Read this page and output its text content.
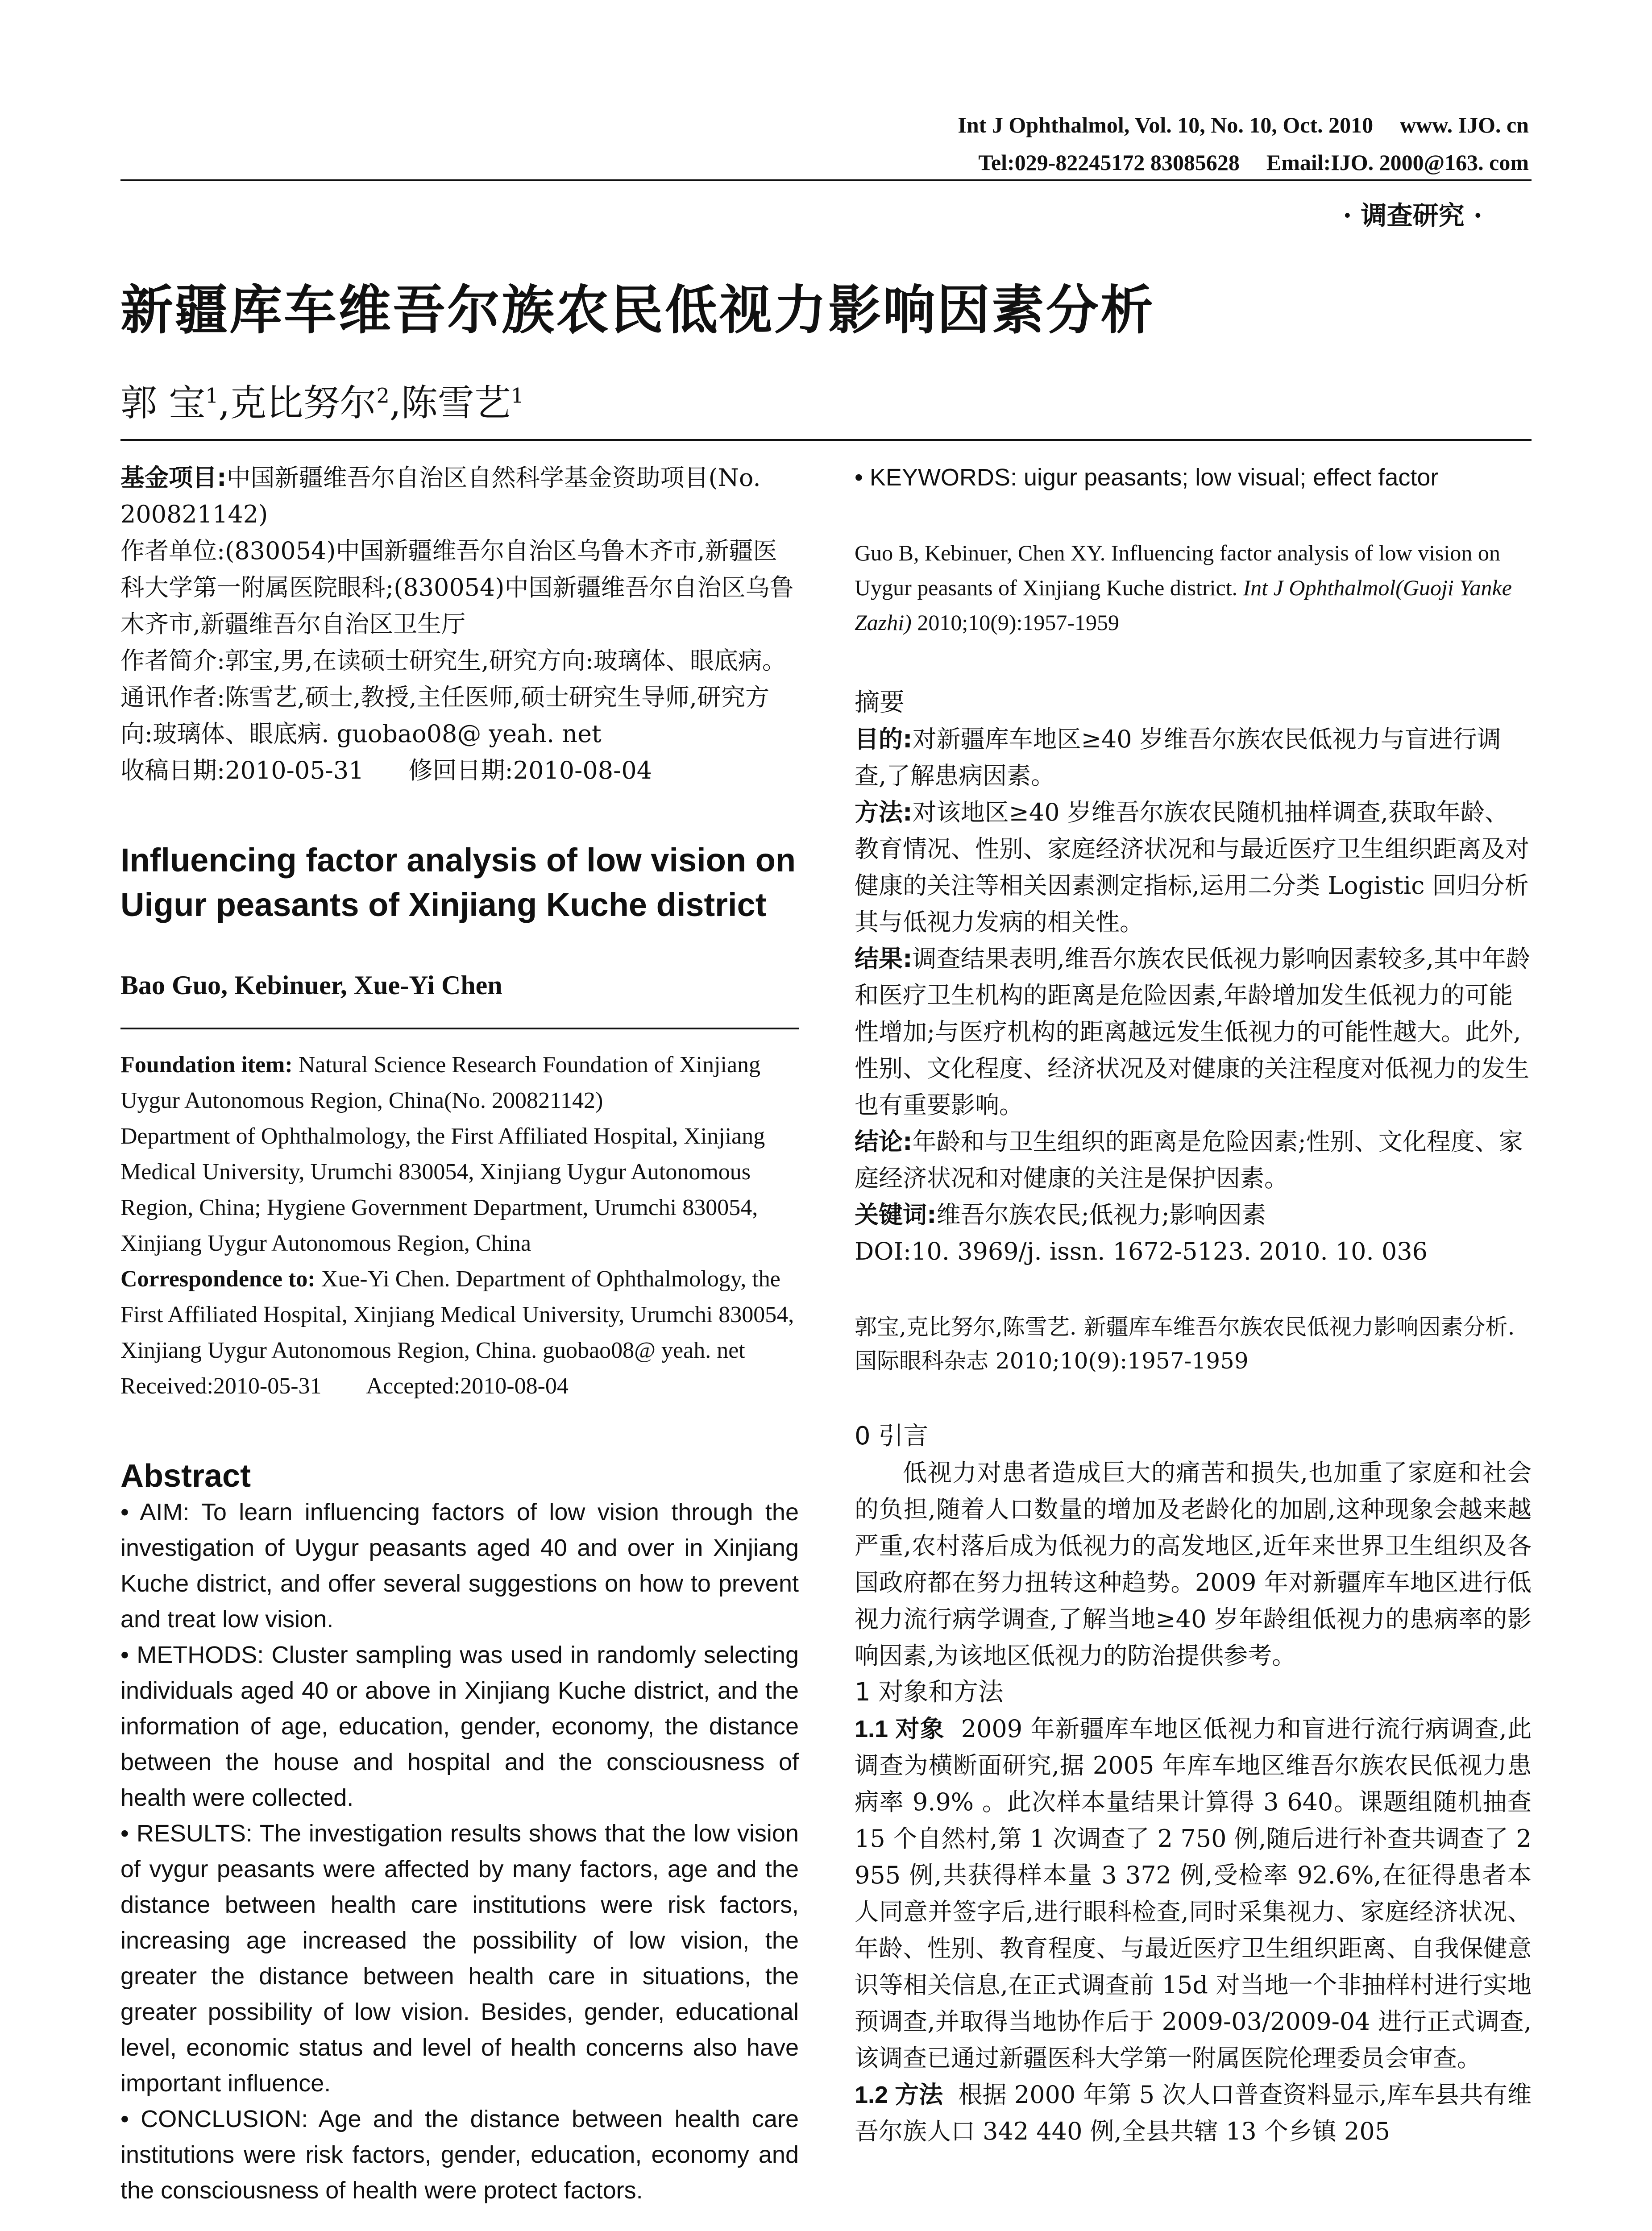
Int J Ophthalmol, Vol. 10, No. 10, Oct. 2010 www. IJO. cn
Tel:029-82245172 83085628 Email:IJO. 2000@163. com
· 调查研究 ·
新疆库车维吾尔族农民低视力影响因素分析
郭 宝$^1$,克比努尔$^2$,陈雪艺$^1$
基金项目:中国新疆维吾尔自治区自然科学基金资助项目(No. 200821142)
作者单位:(830054)中国新疆维吾尔自治区乌鲁木齐市,新疆医科大学第一附属医院眼科;(830054)中国新疆维吾尔自治区乌鲁木齐市,新疆维吾尔自治区卫生厅
作者简介:郭宝,男,在读硕士研究生,研究方向:玻璃体、眼底病。
通讯作者:陈雪艺,硕士,教授,主任医师,硕士研究生导师,研究方向:玻璃体、眼底病. guobao08@ yeah. net
收稿日期:2010-05-31 修回日期:2010-08-04
Influencing factor analysis of low vision on
Uigur peasants of Xinjiang Kuche district
Bao Guo, Kebinuer, Xue-Yi Chen
Foundation item: Natural Science Research Foundation of Xinjiang Uygur Autonomous Region, China(No. 200821142)
Department of Ophthalmology, the First Affiliated Hospital, Xinjiang Medical University, Urumchi 830054, Xinjiang Uygur Autonomous Region, China; Hygiene Government Department, Urumchi 830054, Xinjiang Uygur Autonomous Region, China
Correspondence to: Xue-Yi Chen. Department of Ophthalmology, the First Affiliated Hospital, Xinjiang Medical University, Urumchi 830054, Xinjiang Uygur Autonomous Region, China. guobao08@ yeah. net
Received:2010-05-31 Accepted:2010-08-04
Abstract
• AIM: To learn influencing factors of low vision through the investigation of Uygur peasants aged 40 and over in Xinjiang Kuche district, and offer several suggestions on how to prevent and treat low vision.
• METHODS: Cluster sampling was used in randomly selecting individuals aged 40 or above in Xinjiang Kuche district, and the information of age, education, gender, economy, the distance between the house and hospital and the consciousness of health were collected.
• RESULTS: The investigation results shows that the low vision of vygur peasants were affected by many factors, age and the distance between health care institutions were risk factors, increasing age increased the possibility of low vision, the greater the distance between health care in situations, the greater possibility of low vision. Besides, gender, educational level, economic status and level of health concerns also have important influence.
• CONCLUSION: Age and the distance between health care institutions were risk factors, gender, education, economy and the consciousness of health were protect factors.
• KEYWORDS: uigur peasants; low visual; effect factor
Guo B, Kebinuer, Chen XY. Influencing factor analysis of low vision on Uygur peasants of Xinjiang Kuche district. Int J Ophthalmol(Guoji Yanke Zazhi) 2010;10(9):1957-1959
摘要
目的:对新疆库车地区≥40 岁维吾尔族农民低视力与盲进行调查,了解患病因素。
方法:对该地区≥40 岁维吾尔族农民随机抽样调查,获取年龄、教育情况、性别、家庭经济状况和与最近医疗卫生组织距离及对健康的关注等相关因素测定指标,运用二分类 Logistic 回归分析其与低视力发病的相关性。
结果:调查结果表明,维吾尔族农民低视力影响因素较多,其中年龄和医疗卫生机构的距离是危险因素,年龄增加发生低视力的可能性增加;与医疗机构的距离越远发生低视力的可能性越大。此外,性别、文化程度、经济状况及对健康的关注程度对低视力的发生也有重要影响。
结论:年龄和与卫生组织的距离是危险因素;性别、文化程度、家庭经济状况和对健康的关注是保护因素。
关键词:维吾尔族农民;低视力;影响因素
DOI:10. 3969/j. issn. 1672-5123. 2010. 10. 036
郭宝,克比努尔,陈雪艺. 新疆库车维吾尔族农民低视力影响因素分析. 国际眼科杂志 2010;10(9):1957-1959
0 引言
低视力对患者造成巨大的痛苦和损失,也加重了家庭和社会的负担,随着人口数量的增加及老龄化的加剧,这种现象会越来越严重,农村落后成为低视力的高发地区,近年来世界卫生组织及各国政府都在努力扭转这种趋势。2009 年对新疆库车地区进行低视力流行病学调查,了解当地≥40 岁年龄组低视力的患病率的影响因素,为该地区低视力的防治提供参考。
1 对象和方法
1.1 对象 2009 年新疆库车地区低视力和盲进行流行病调查,此调查为横断面研究,据 2005 年库车地区维吾尔族农民低视力患病率 9.9% 。此次样本量结果计算得 3 640。课题组随机抽查 15 个自然村,第 1 次调查了 2 750 例,随后进行补查共调查了 2 955 例,共获得样本量 3 372 例,受检率 92.6%,在征得患者本人同意并签字后,进行眼科检查,同时采集视力、家庭经济状况、年龄、性别、教育程度、与最近医疗卫生组织距离、自我保健意识等相关信息,在正式调查前 15d 对当地一个非抽样村进行实地预调查,并取得当地协作后于 2009-03/2009-04 进行正式调查,该调查已通过新疆医科大学第一附属医院伦理委员会审查。
1.2 方法 根据 2000 年第 5 次人口普查资料显示,库车县共有维吾尔族人口 342 440 例,全县共辖 13 个乡镇 205
